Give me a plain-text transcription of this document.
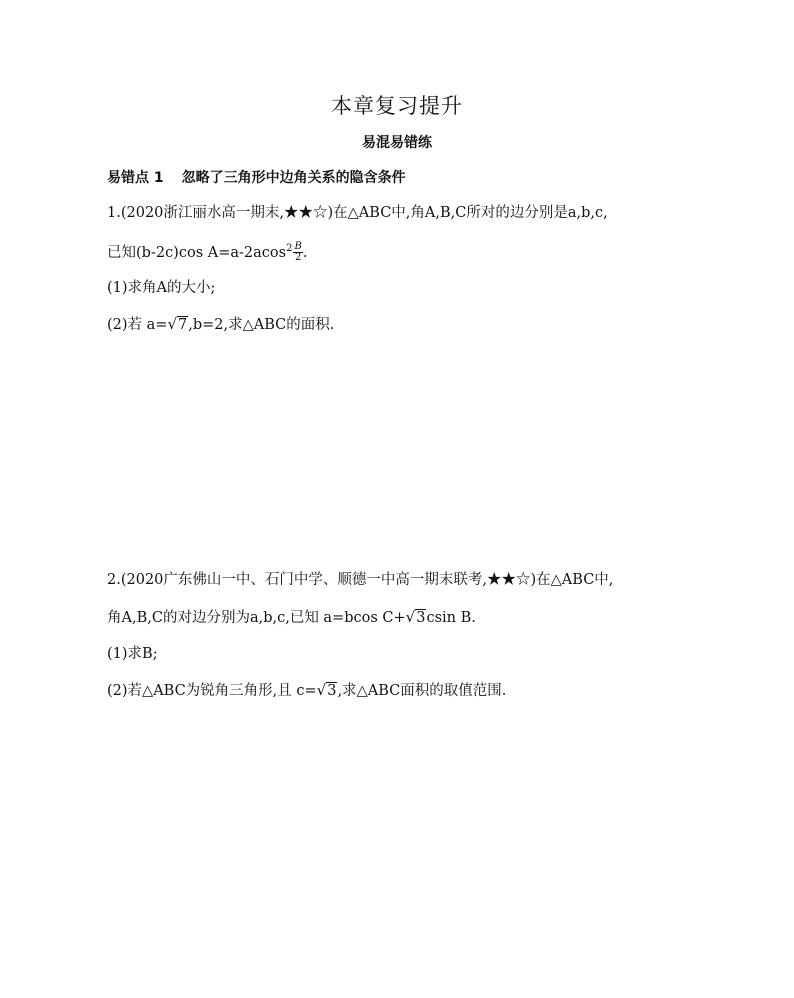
本章复习提升
易混易错练
易错点 1 忽略了三角形中边角关系的隐含条件
1.(2020浙江丽水高一期末,★★☆)在△ABC中,角A,B,C所对的边分别是a,b,c,
已知(b-2c)cos $A=a-2acos^2 \frac{B}{2}$ .
(1)求角A的大小;
(2)若 a=√7,b=2,求△ABC的面积.
2.(2020广东佛山一中、石门中学、顺德一中高一期末联考,★★☆)在△ABC中,
角A,B,C的对边分别为a,b,c,已知 a=bcos C+√3csin B.
(1)求B;
(2)若△ABC为锐角三角形,且 c=√3,求△ABC面积的取值范围.
